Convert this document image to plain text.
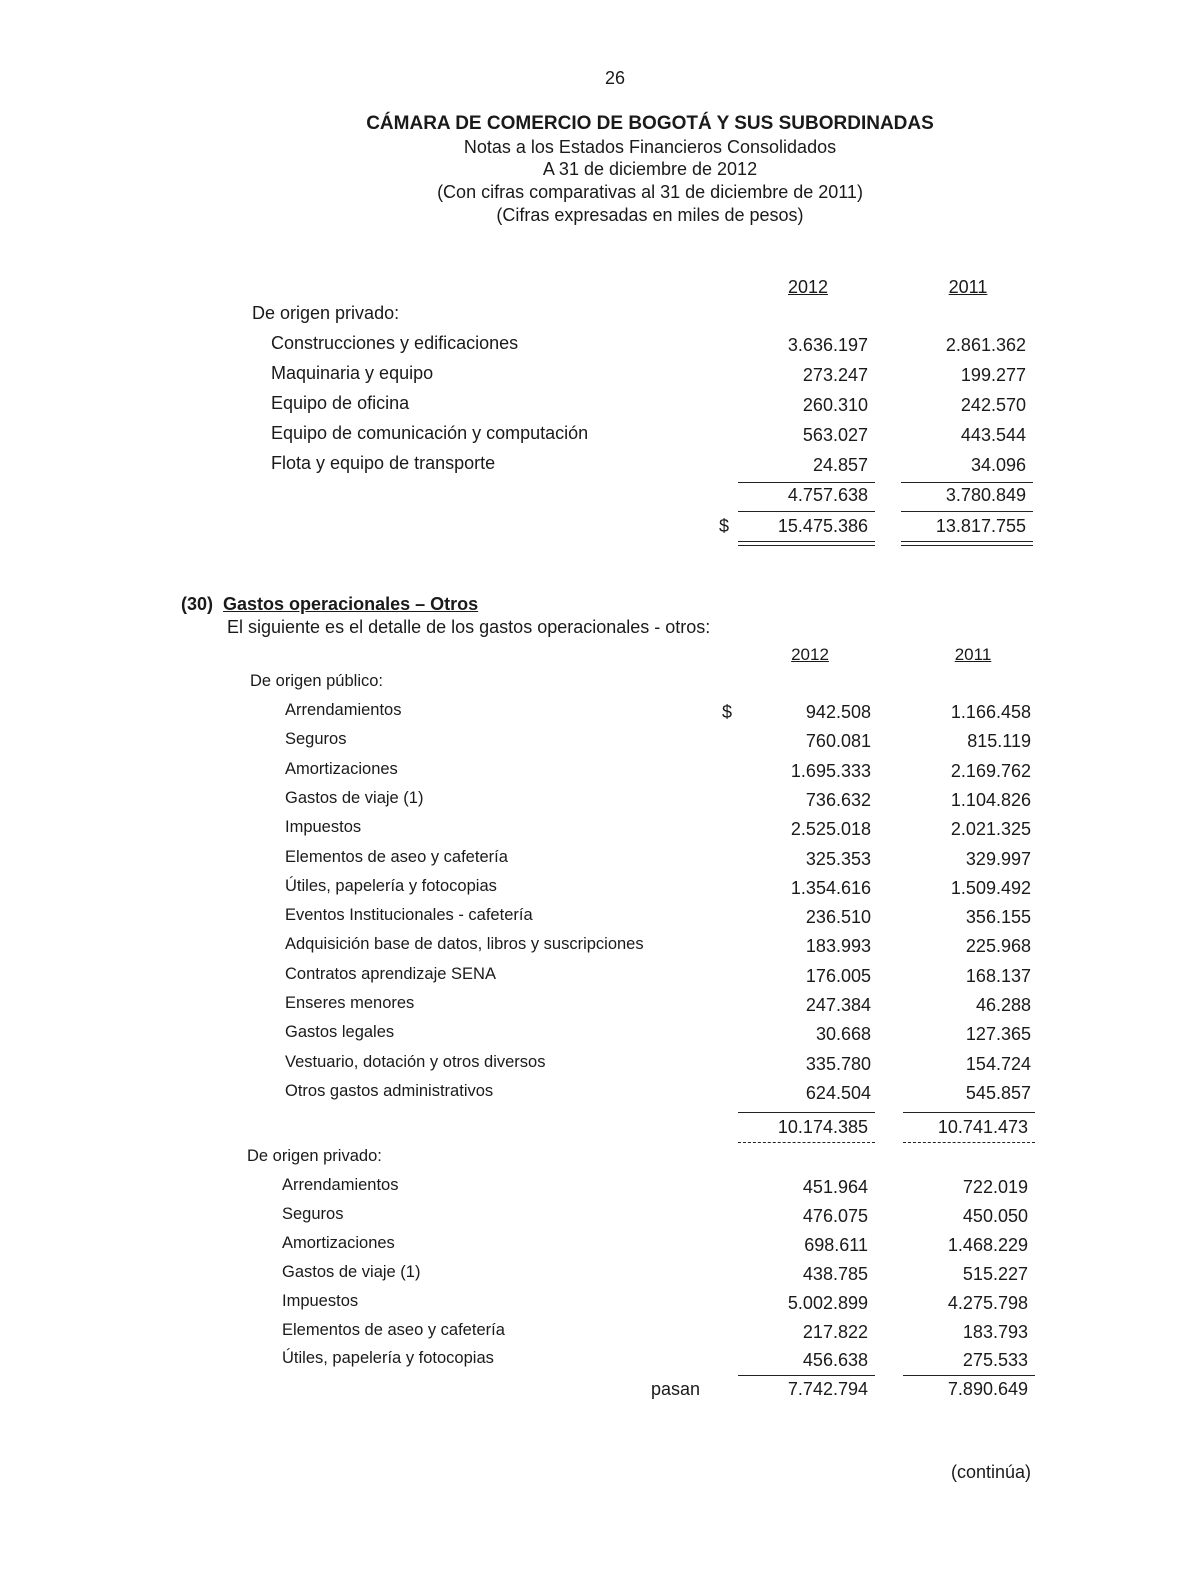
26
CÁMARA DE COMERCIO DE BOGOTÁ Y SUS SUBORDINADAS
Notas a los Estados Financieros Consolidados
A 31 de diciembre de 2012
(Con cifras comparativas al 31 de diciembre de 2011)
(Cifras expresadas en miles de pesos)
2012	2011
De origen privado:
Construcciones y edificaciones	3.636.197	2.861.362
Maquinaria y equipo	273.247	199.277
Equipo de oficina	260.310	242.570
Equipo de comunicación y computación	563.027	443.544
Flota y equipo de transporte	24.857	34.096
4.757.638	3.780.849
$	15.475.386	13.817.755
(30) Gastos operacionales – Otros
El siguiente es el detalle de los gastos operacionales - otros:
2012	2011
De origen público:
$
Arrendamientos	942.508	1.166.458
Seguros	760.081	815.119
Amortizaciones	1.695.333	2.169.762
Gastos de viaje (1)	736.632	1.104.826
Impuestos	2.525.018	2.021.325
Elementos de aseo y cafetería	325.353	329.997
Útiles, papelería y fotocopias	1.354.616	1.509.492
Eventos Institucionales - cafetería	236.510	356.155
Adquisición base de datos, libros y suscripciones	183.993	225.968
Contratos aprendizaje SENA	176.005	168.137
Enseres menores	247.384	46.288
Gastos legales	30.668	127.365
Vestuario, dotación y otros diversos	335.780	154.724
Otros gastos administrativos	624.504	545.857
10.174.385	10.741.473
De origen privado:
Arrendamientos	451.964	722.019
Seguros	476.075	450.050
Amortizaciones	698.611	1.468.229
Gastos de viaje (1)	438.785	515.227
Impuestos	5.002.899	4.275.798
Elementos de aseo y cafetería	217.822	183.793
Útiles, papelería y fotocopias	456.638	275.533
pasan	7.742.794	7.890.649
(continúa)
